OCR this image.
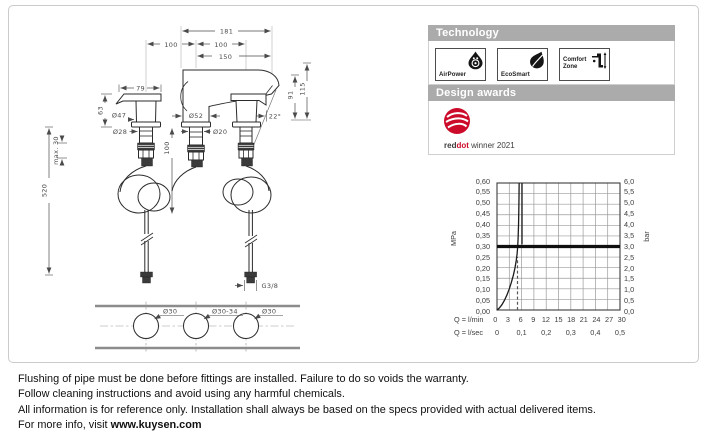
181
100	100
150
79
63
Ø47
Ø28
max. 30
520
Ø52
Ø20
22°
91 115
100
G3/8
Ø30	Ø30-34	Ø30
Technology
AirPower	EcoSmart
Comfort Zone
Design awards
reddot winner 2021
0,60
0,55
0,50
0,45
0,40
0,35
0,30
0,25
0,20
0,15
0,10
0,05
0,00
6,0
5,5
5,0
4,5
4,0
3,5
3,0
2,5
2,0
1,5
1,0
0,5
0,0
0	3	6	9 12 15 18 21 24 27 30
0	0,1	0,2	0,3	0,4	0,5
MPa	bar
Q = l/min
Q = l/sec
Flushing of pipe must be done before fittings are installed. Failure to do so voids the warranty.
Follow cleaning instructions and avoid using any harmful chemicals.
All information is for reference only. Installation shall always be based on the specs provided with actual delivered items.
For more info, visit www.kuysen.com
